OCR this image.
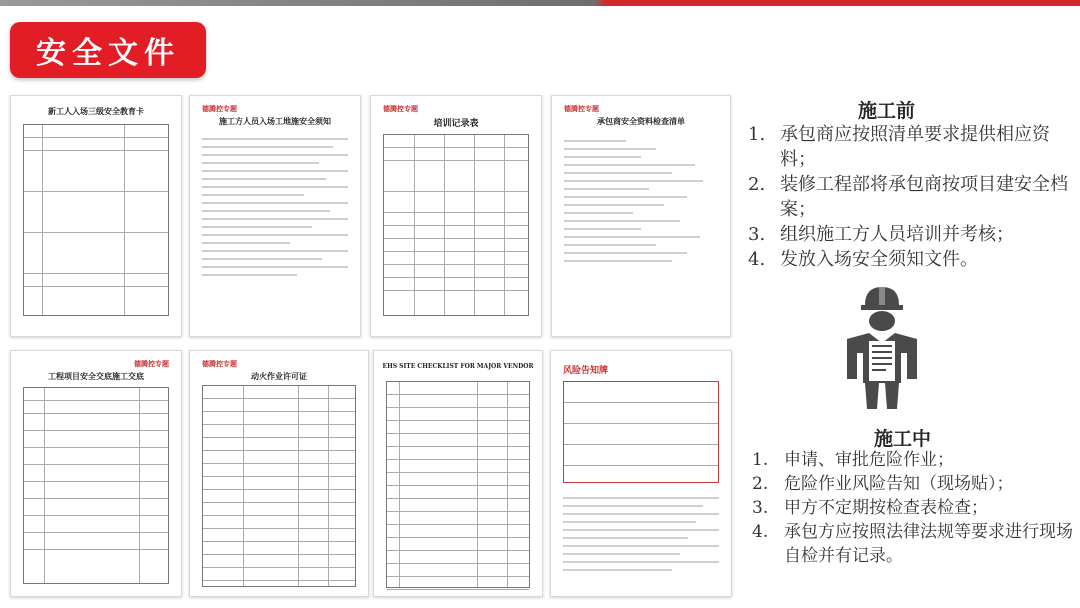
安全文件
新工人入场三级安全教育卡	德腾控专题
施工方人员入场工地施安全须知
德腾控专题
培训记录表
德腾控专题
承包商安全资料检查清单
德腾控专题
工程项目安全交底施工交底
德腾控专题
动火作业许可证
EHS SITE CHECKLIST FOR MAJOR VENDOR	风险告知牌
施工前
1. 承包商应按照清单要求提供相应资料；
2. 装修工程部将承包商按项目建安全档案；
3. 组织施工方人员培训并考核；
4. 发放入场安全须知文件。
施工中
1. 申请、审批危险作业；
2. 危险作业风险告知（现场贴）；
3. 甲方不定期按检查表检查；
4. 承包方应按照法律法规等要求进行现场自检并有记录。
